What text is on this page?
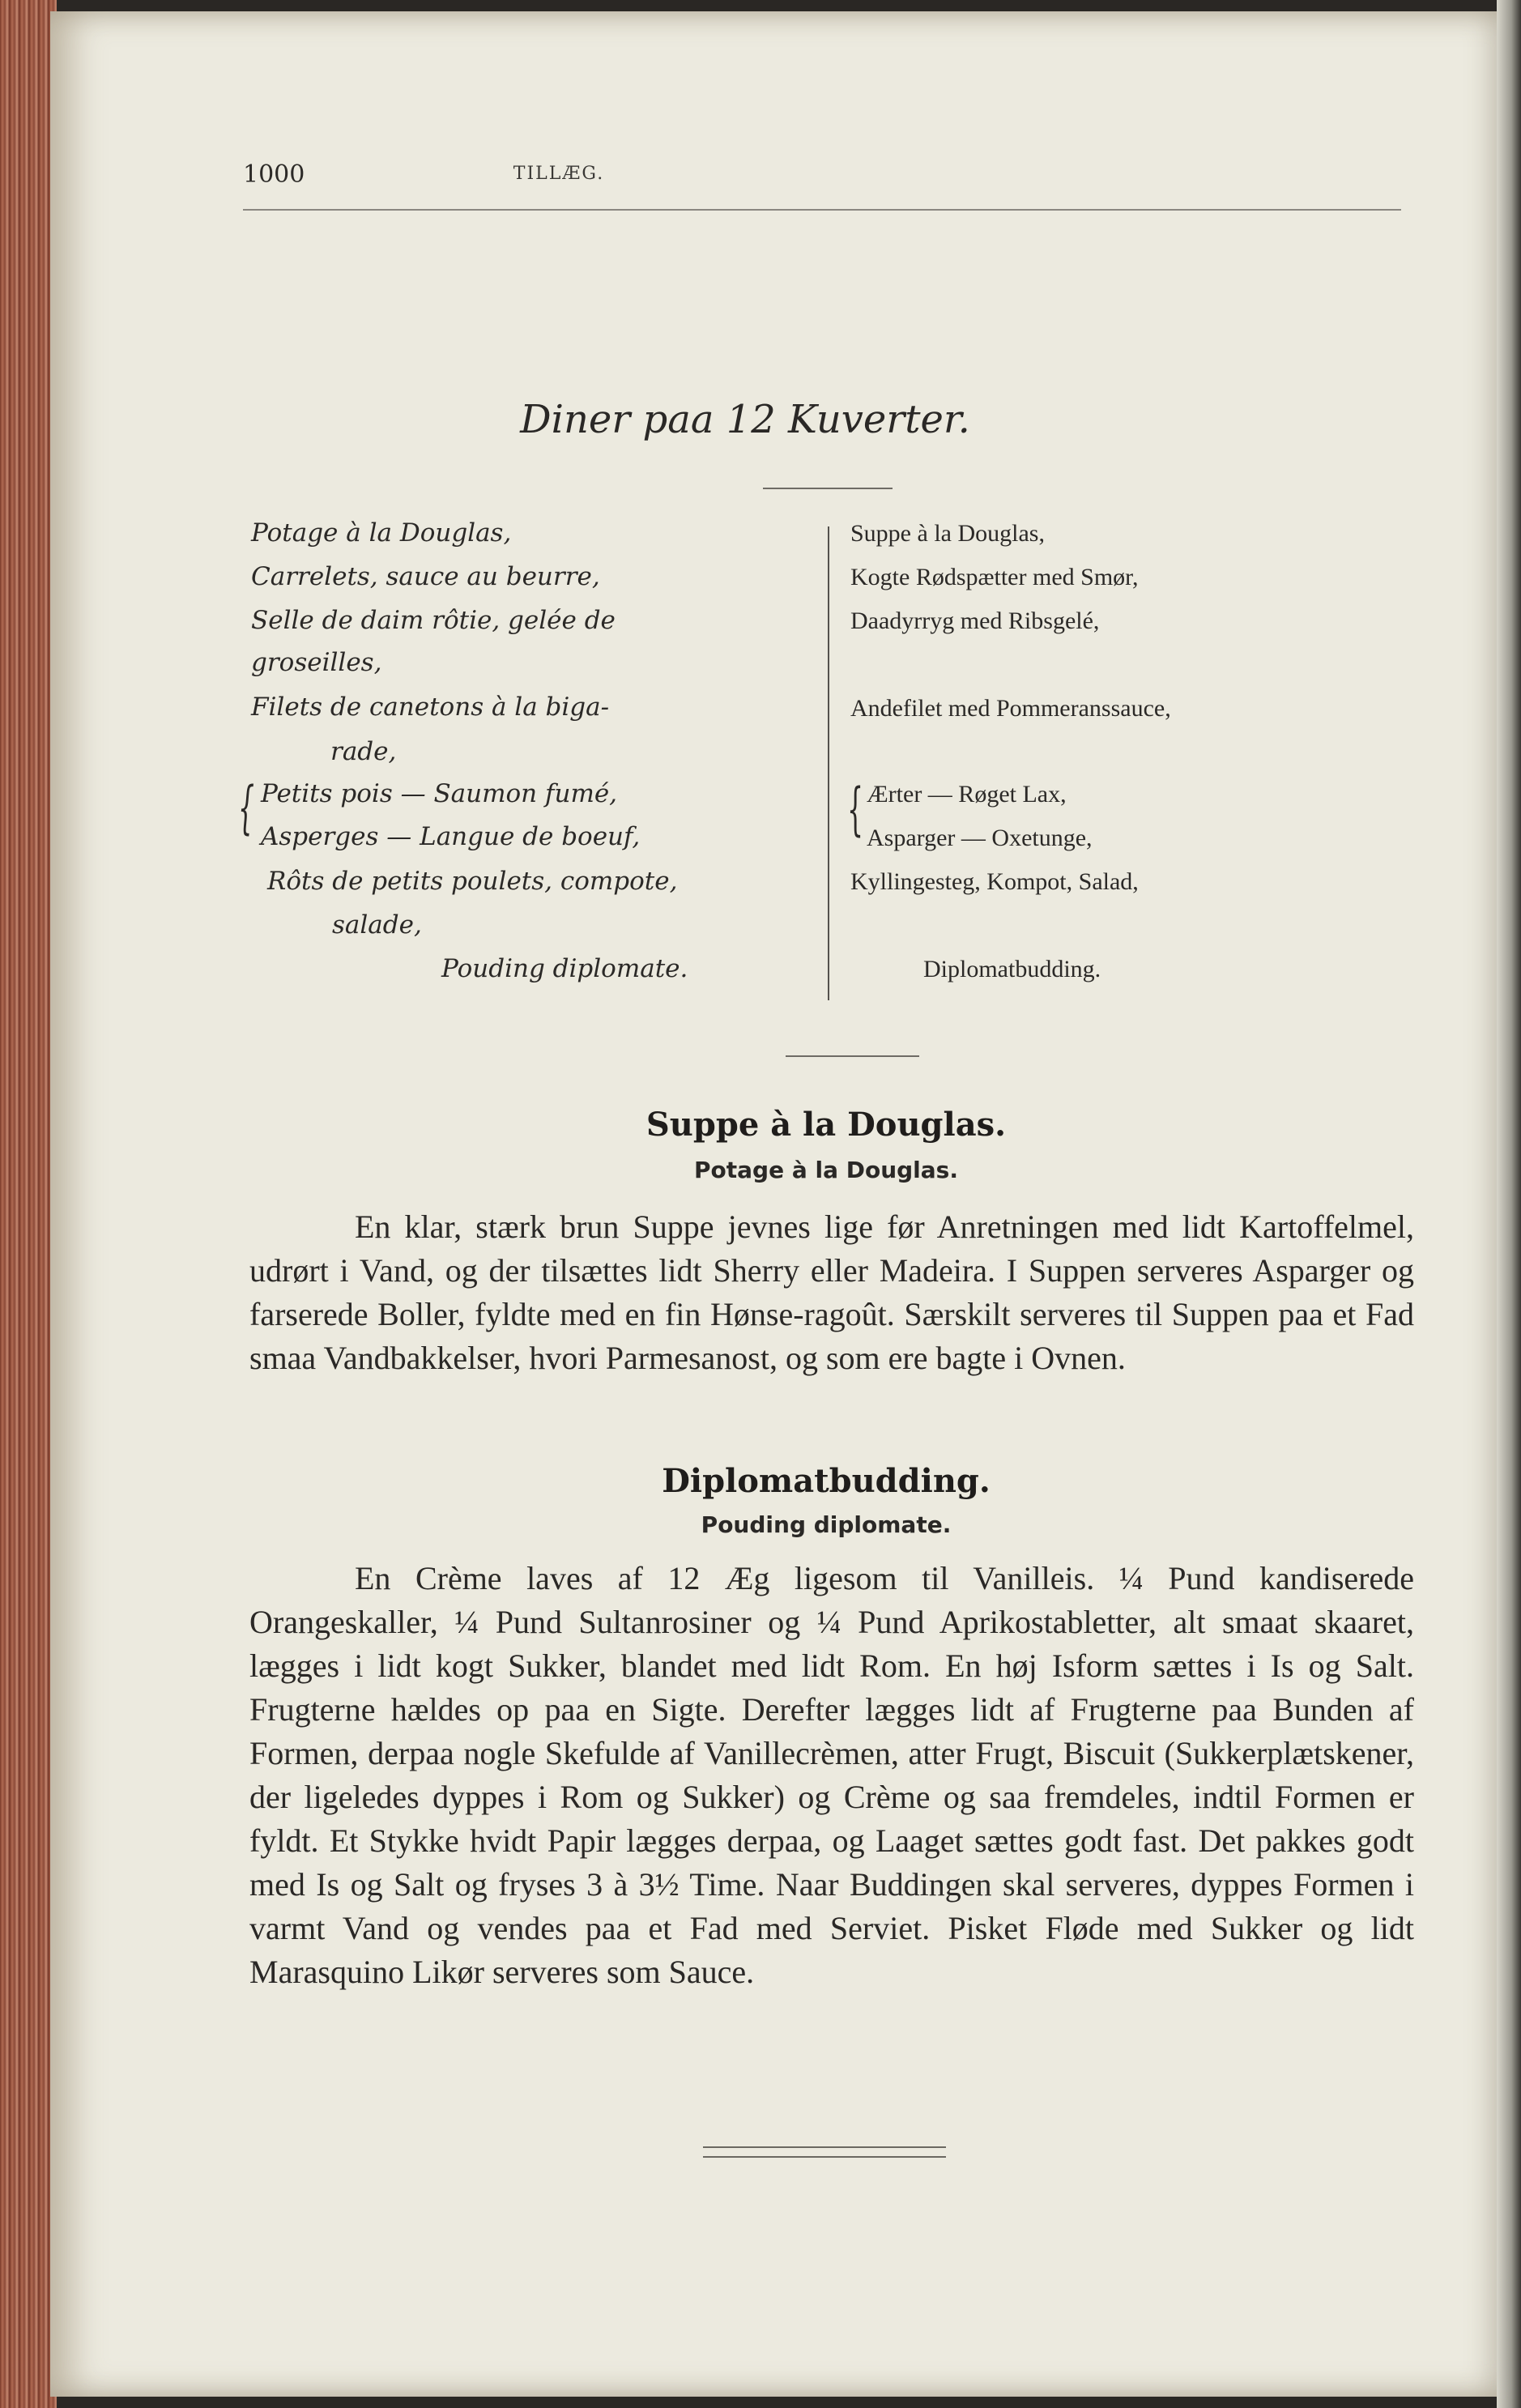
1000	TILLÆG.
Diner paa 12 Kuverter.
Potage à la Douglas,
Carrelets, sauce au beurre,
Selle de daim rôtie, gelée de
groseilles,
Filets de canetons à la biga-
rade,
{ Petits pois — Saumon fumé,
Asperges — Langue de boeuf,
Rôts de petits poulets, compote,
salade,
Pouding diplomate.
Suppe à la Douglas,
Kogte Rødspætter med Smør,
Daadyrryg med Ribsgelé,
Andefilet med Pommeranssauce,
{ Ærter — Røget Lax,
Asparger — Oxetunge,
Kyllingesteg, Kompot, Salad,
Diplomatbudding.
Suppe à la Douglas.
Potage à la Douglas.

En klar, stærk brun Suppe jevnes lige før Anretningen med lidt Kartoffelmel, udrørt i Vand, og der tilsættes lidt Sherry eller Madeira. I Suppen serveres Asparger og farserede Boller, fyldte med en fin Hønse-ragoût. Særskilt serveres til Suppen paa et Fad smaa Vandbakkelser, hvori Parmesanost, og som ere bagte i Ovnen.

Diplomatbudding.
Pouding diplomate.

En Crème laves af 12 Æg ligesom til Vanilleis. ¼ Pund kandiserede Orangeskaller, ¼ Pund Sultanrosiner og ¼ Pund Aprikostabletter, alt smaat skaaret, lægges i lidt kogt Sukker, blandet med lidt Rom. En høj Isform sættes i Is og Salt. Frugterne hældes op paa en Sigte. Derefter lægges lidt af Frugterne paa Bunden af Formen, derpaa nogle Skefulde af Vanillecrèmen, atter Frugt, Biscuit (Sukkerplætskener, der ligeledes dyppes i Rom og Sukker) og Crème og saa fremdeles, indtil Formen er fyldt. Et Stykke hvidt Papir lægges derpaa, og Laaget sættes godt fast. Det pakkes godt med Is og Salt og fryses 3 à 3½ Time. Naar Buddingen skal serveres, dyppes Formen i varmt Vand og vendes paa et Fad med Serviet. Pisket Fløde med Sukker og lidt Marasquino Likør serveres som Sauce.
